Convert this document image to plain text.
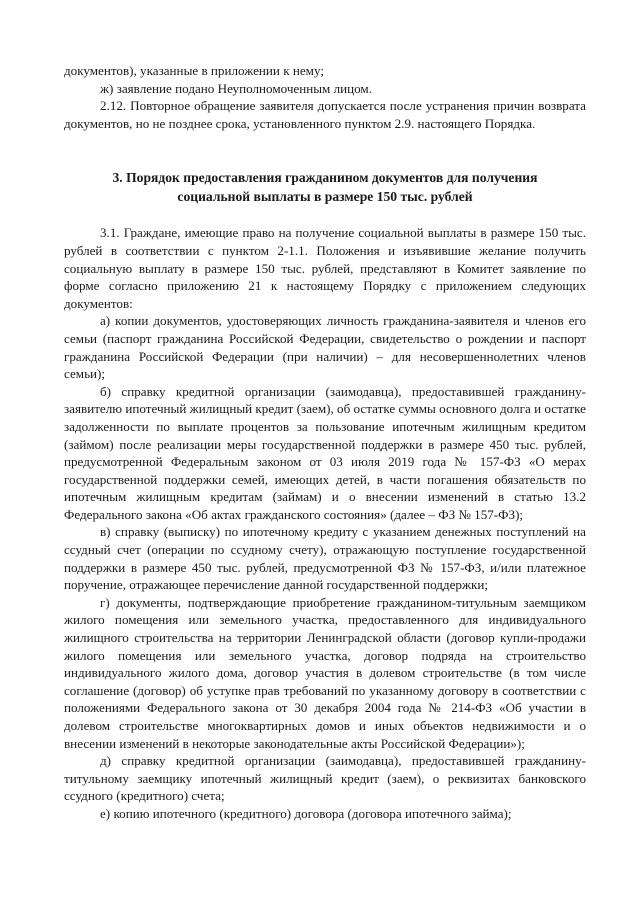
документов), указанные в приложении к нему;

ж) заявление подано Неуполномоченным лицом.

2.12. Повторное обращение заявителя допускается после устранения причин возврата документов, но не позднее срока, установленного пунктом 2.9. настоящего Порядка.

3. Порядок предоставления гражданином документов для получения
социальной выплаты в размере 150 тыс. рублей

3.1. Граждане, имеющие право на получение социальной выплаты в размере 150 тыс. рублей в соответствии с пунктом 2-1.1. Положения и изъявившие желание получить социальную выплату в размере 150 тыс. рублей, представляют в Комитет заявление по форме согласно приложению 21 к настоящему Порядку с приложением следующих документов:

а) копии документов, удостоверяющих личность гражданина-заявителя и членов его семьи (паспорт гражданина Российской Федерации, свидетельство о рождении и паспорт гражданина Российской Федерации (при наличии) – для несовершеннолетних членов семьи);

б) справку кредитной организации (заимодавца), предоставившей гражданину-заявителю ипотечный жилищный кредит (заем), об остатке суммы основного долга и остатке задолженности по выплате процентов за пользование ипотечным жилищным кредитом (займом) после реализации меры государственной поддержки в размере 450 тыс. рублей, предусмотренной Федеральным законом от 03 июля 2019 года № 157-ФЗ «О мерах государственной поддержки семей, имеющих детей, в части погашения обязательств по ипотечным жилищным кредитам (займам) и о внесении изменений в статью 13.2 Федерального закона «Об актах гражданского состояния» (далее – ФЗ № 157-ФЗ);

в) справку (выписку) по ипотечному кредиту с указанием денежных поступлений на ссудный счет (операции по ссудному счету), отражающую поступление государственной поддержки в размере 450 тыс. рублей, предусмотренной ФЗ № 157-ФЗ, и/или платежное поручение, отражающее перечисление данной государственной поддержки;

г) документы, подтверждающие приобретение гражданином-титульным заемщиком жилого помещения или земельного участка, предоставленного для индивидуального жилищного строительства на территории Ленинградской области (договор купли-продажи жилого помещения или земельного участка, договор подряда на строительство индивидуального жилого дома, договор участия в долевом строительстве (в том числе соглашение (договор) об уступке прав требований по указанному договору в соответствии с положениями Федерального закона от 30 декабря 2004 года № 214-ФЗ «Об участии в долевом строительстве многоквартирных домов и иных объектов недвижимости и о внесении изменений в некоторые законодательные акты Российской Федерации»);

д) справку кредитной организации (заимодавца), предоставившей гражданину-титульному заемщику ипотечный жилищный кредит (заем), о реквизитах банковского ссудного (кредитного) счета;

е) копию ипотечного (кредитного) договора (договора ипотечного займа);
